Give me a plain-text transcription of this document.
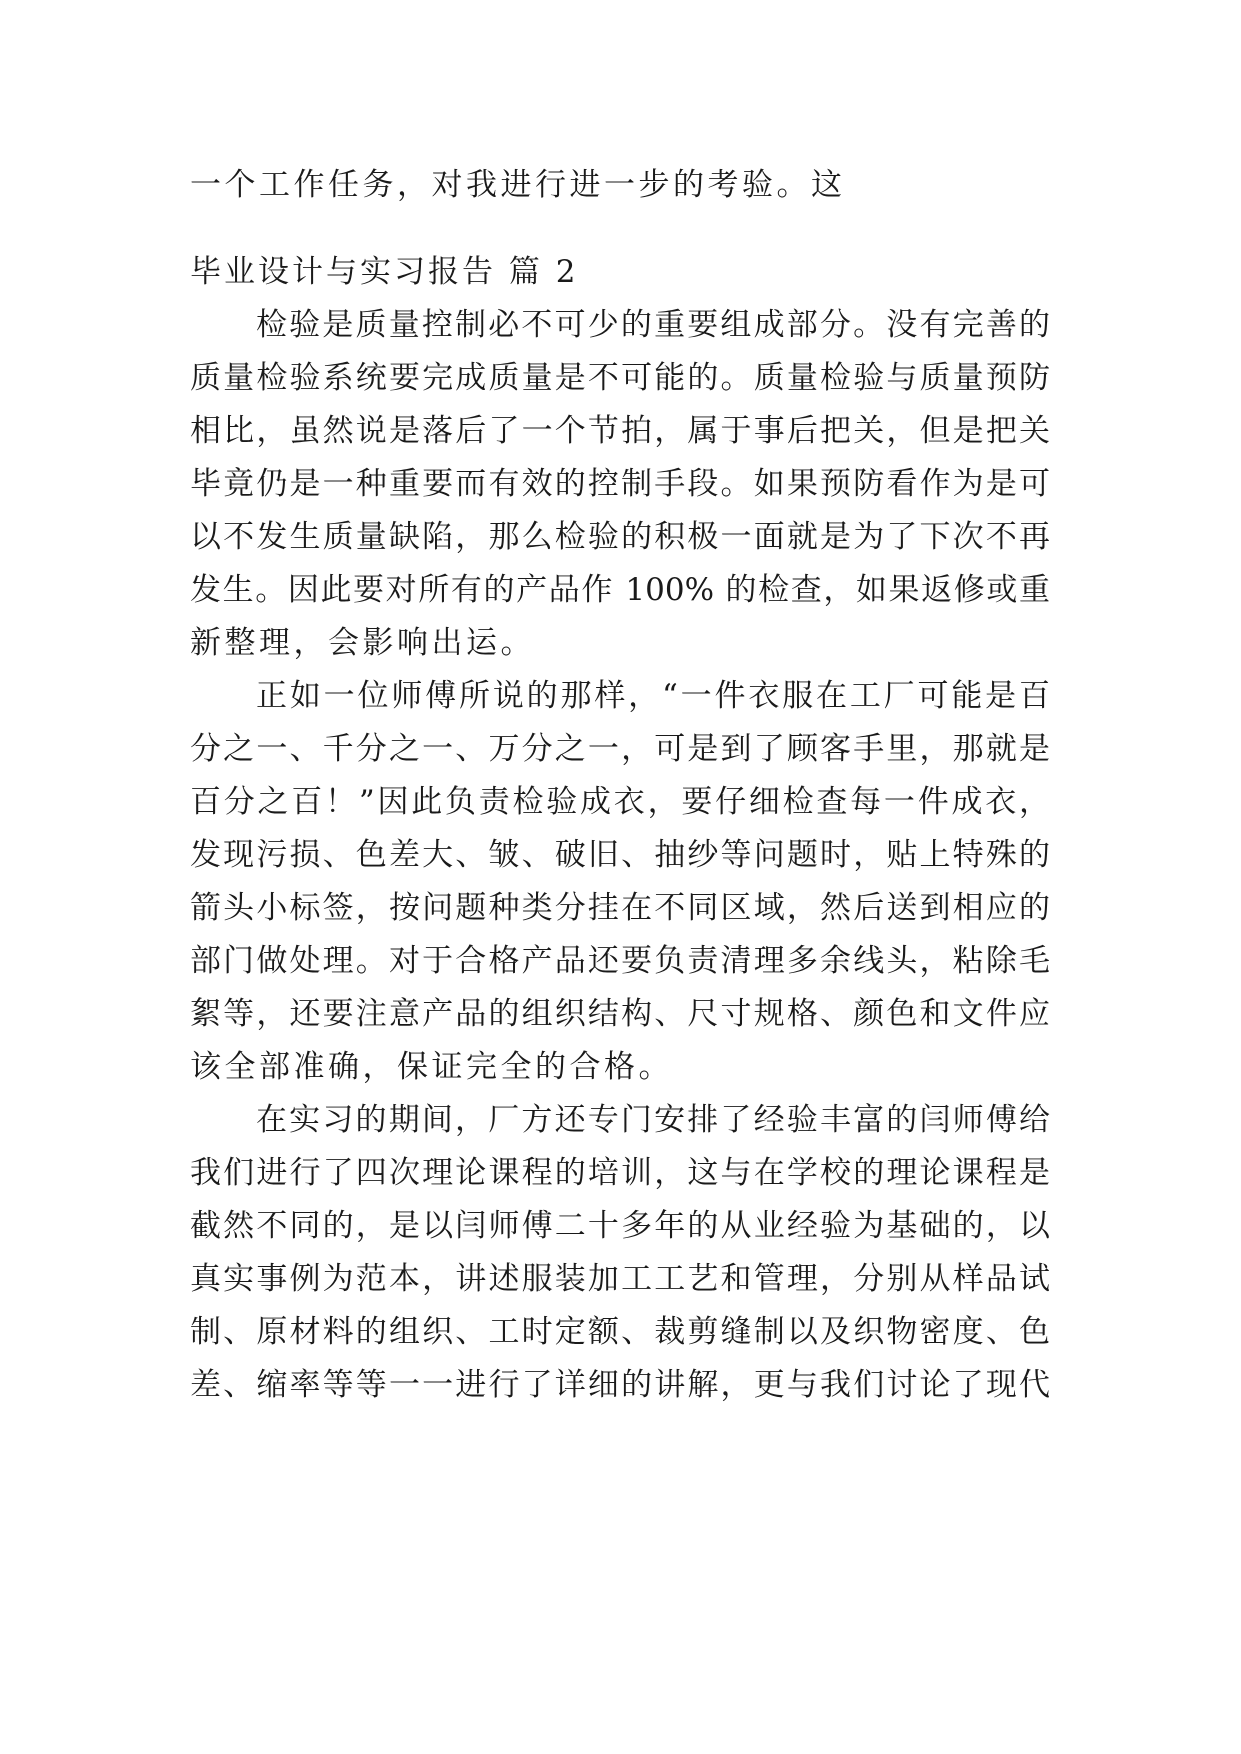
一个工作任务，对我进行进一步的考验。这
毕业设计与实习报告 篇 2
检验是质量控制必不可少的重要组成部分。没有完善的
质量检验系统要完成质量是不可能的。质量检验与质量预防
相比，虽然说是落后了一个节拍，属于事后把关，但是把关
毕竟仍是一种重要而有效的控制手段。如果预防看作为是可
以不发生质量缺陷，那么检验的积极一面就是为了下次不再
发生。因此要对所有的产品作 100% 的检查，如果返修或重
新整理，会影响出运。
正如一位师傅所说的那样，“一件衣服在工厂可能是百
分之一、千分之一、万分之一，可是到了顾客手里，那就是
百分之百！”因此负责检验成衣，要仔细检查每一件成衣，
发现污损、色差大、皱、破旧、抽纱等问题时，贴上特殊的
箭头小标签，按问题种类分挂在不同区域，然后送到相应的
部门做处理。对于合格产品还要负责清理多余线头，粘除毛
絮等，还要注意产品的组织结构、尺寸规格、颜色和文件应
该全部准确，保证完全的合格。
在实习的期间，厂方还专门安排了经验丰富的闫师傅给
我们进行了四次理论课程的培训，这与在学校的理论课程是
截然不同的，是以闫师傅二十多年的从业经验为基础的，以
真实事例为范本，讲述服装加工工艺和管理，分别从样品试
制、原材料的组织、工时定额、裁剪缝制以及织物密度、色
差、缩率等等一一进行了详细的讲解，更与我们讨论了现代
